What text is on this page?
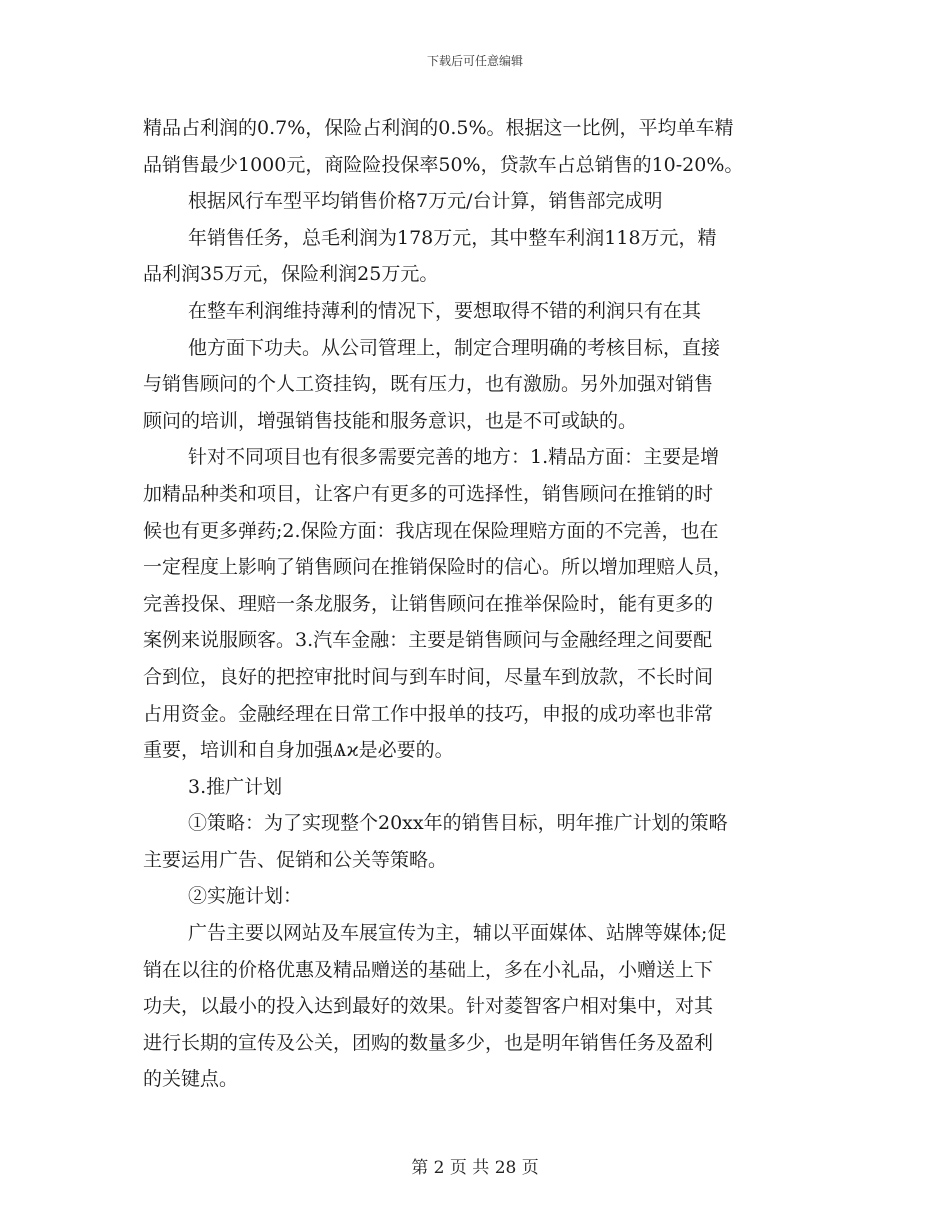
下载后可任意编辑
精品占利润的0.7%，保险占利润的0.5%。根据这一比例，平均单车精
品销售最少1000元，商险险投保率50%，贷款车占总销售的10-20%。
根据风行车型平均销售价格7万元/台计算，销售部完成明
年销售任务，总毛利润为178万元，其中整车利润118万元，精
品利润35万元，保险利润25万元。
在整车利润维持薄利的情况下，要想取得不错的利润只有在其
他方面下功夫。从公司管理上，制定合理明确的考核目标，直接
与销售顾问的个人工资挂钩，既有压力，也有激励。另外加强对销售
顾问的培训，增强销售技能和服务意识，也是不可或缺的。
针对不同项目也有很多需要完善的地方：1.精品方面：主要是增
加精品种类和项目，让客户有更多的可选择性，销售顾问在推销的时
候也有更多弹药;2.保险方面：我店现在保险理赔方面的不完善，也在
一定程度上影响了销售顾问在推销保险时的信心。所以增加理赔人员，
完善投保、理赔一条龙服务，让销售顾问在推举保险时，能有更多的
案例来说服顾客。3.汽车金融：主要是销售顾问与金融经理之间要配
合到位，良好的把控审批时间与到车时间，尽量车到放款，不长时间
占用资金。金融经理在日常工作中报单的技巧，申报的成功率也非常
重要，培训和自身加强Ѧϰ是必要的。
3.推广计划
①策略：为了实现整个20xx年的销售目标，明年推广计划的策略
主要运用广告、促销和公关等策略。
②实施计划：
广告主要以网站及车展宣传为主，辅以平面媒体、站牌等媒体;促
销在以往的价格优惠及精品赠送的基础上，多在小礼品，小赠送上下
功夫，以最小的投入达到最好的效果。针对菱智客户相对集中，对其
进行长期的宣传及公关，团购的数量多少，也是明年销售任务及盈利
的关键点。
第 2 页 共 28 页
